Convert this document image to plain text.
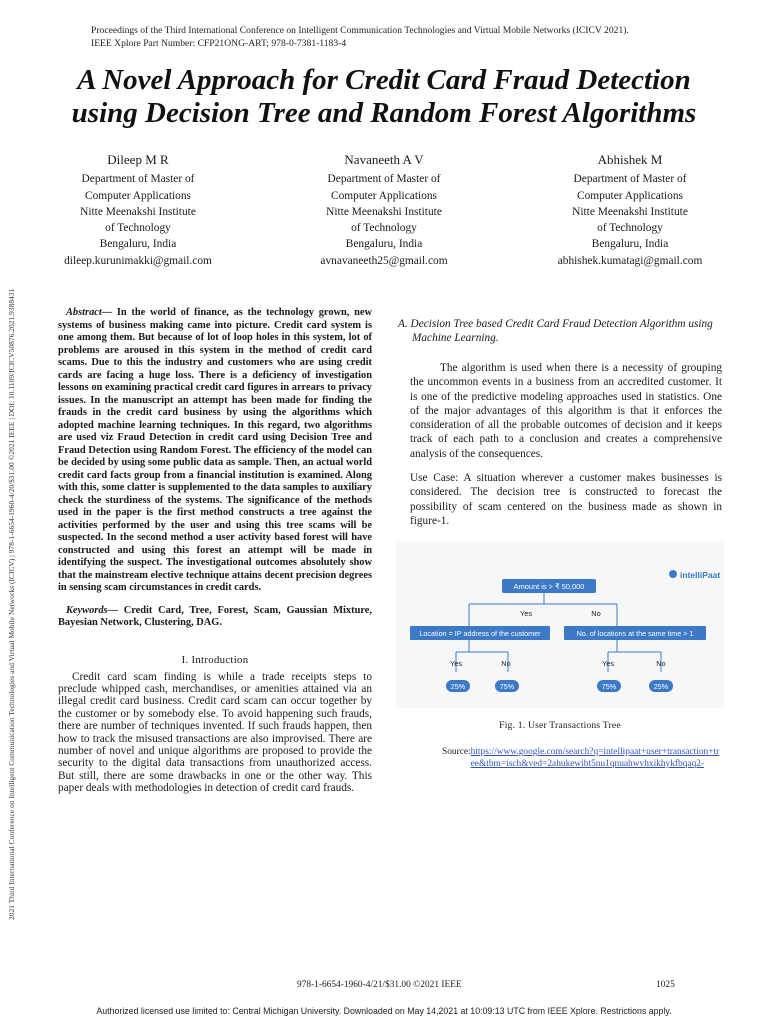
Proceedings of the Third International Conference on Intelligent Communication Technologies and Virtual Mobile Networks (ICICV 2021).
IEEE Xplore Part Number: CFP21ONG-ART; 978-0-7381-1183-4
2021 Third International Conference on Intelligent Communication Technologies and Virtual Mobile Networks (ICICV) | 978-1-6654-1960-4/20/$31.00 ©2021 IEEE | DOI: 10.1109/ICICV50876.2021.9388431
A Novel Approach for Credit Card Fraud Detection
using Decision Tree and Random Forest Algorithms
Dileep M R
Department of Master of
Computer Applications
Nitte Meenakshi Institute
of Technology
Bengaluru, India
dileep.kurunimakki@gmail.com
Navaneeth A V
Department of Master of
Computer Applications
Nitte Meenakshi Institute
of Technology
Bengaluru, India
avnavaneeth25@gmail.com
Abhishek M
Department of Master of
Computer Applications
Nitte Meenakshi Institute
of Technology
Bengaluru, India
abhishek.kumatagi@gmail.com

Abstract— In the world of finance, as the technology grown, new systems of business making came into picture. Credit card system is one among them. But because of lot of loop holes in this system, lot of problems are aroused in this system in the method of credit card scams. Due to this the industry and customers who are using credit cards are facing a huge loss. There is a deficiency of investigation lessons on examining practical credit card figures in arrears to privacy issues. In the manuscript an attempt has been made for finding the frauds in the credit card business by using the algorithms which adopted machine learning techniques. In this regard, two algorithms are used viz Fraud Detection in credit card using Decision Tree and Fraud Detection using Random Forest. The efficiency of the model can be decided by using some public data as sample. Then, an actual world credit card facts group from a financial institution is examined. Along with this, some clatter is supplemented to the data samples to auxiliary check the sturdiness of the systems. The significance of the methods used in the paper is the first method constructs a tree against the activities performed by the user and using this tree scams will be suspected. In the second method a user activity based forest will have constructed and using this forest an attempt will be made in identifying the suspect. The investigational outcomes absolutely show that the mainstream elective technique attains decent precision degrees in sensing scam circumstances in credit cards.

Keywords— Credit Card, Tree, Forest, Scam, Gaussian Mixture, Bayesian Network, Clustering, DAG.

I. Introduction

Credit card scam finding is while a trade receipts steps to preclude whipped cash, merchandises, or amenities attained via an illegal credit card business. Credit card scam can occur together by the customer or by somebody else. To avoid happening such frauds, there are number of techniques invented. If such frauds happen, then how to track the misused transactions are also improvised. There are number of novel and unique algorithms are proposed to provide the security to the digital data transactions from unauthorized access. But still, there are some drawbacks in one or the other way. This paper deals with methodologies in detection of credit card frauds.

A. Decision Tree based Credit Card Fraud Detection Algorithm using Machine Learning.

The algorithm is used when there is a necessity of grouping the uncommon events in a business from an accredited customer. It is one of the predictive modeling approaches used in statistics. One of the major advantages of this algorithm is that it enforces the consideration of all the probable outcomes of decision and it keeps track of each path to a conclusion and creates a comprehensive analysis of the consequences.

Use Case: A situation wherever a customer makes businesses is considered. The decision tree is constructed to forecast the possibility of scam centered on the business made as shown in figure-1.

intelliPaat
Amount is > ₹ 50,000
Yes	No
Location = IP address of the customer	No. of locations at the same time > 1
Yes	No	Yes	No
25%	75%	75%	25%
Fig. 1. User Transactions Tree
Source: https://www.google.com/search?q=intellipaat+user+transaction+tree&tbm=isch&ved=2ahukewibt5nu1qnuahwvhxikhykfbqaq2-
978-1-6654-1960-4/21/$31.00 ©2021 IEEE	1025
Authorized licensed use limited to: Central Michigan University. Downloaded on May 14,2021 at 10:09:13 UTC from IEEE Xplore. Restrictions apply.
